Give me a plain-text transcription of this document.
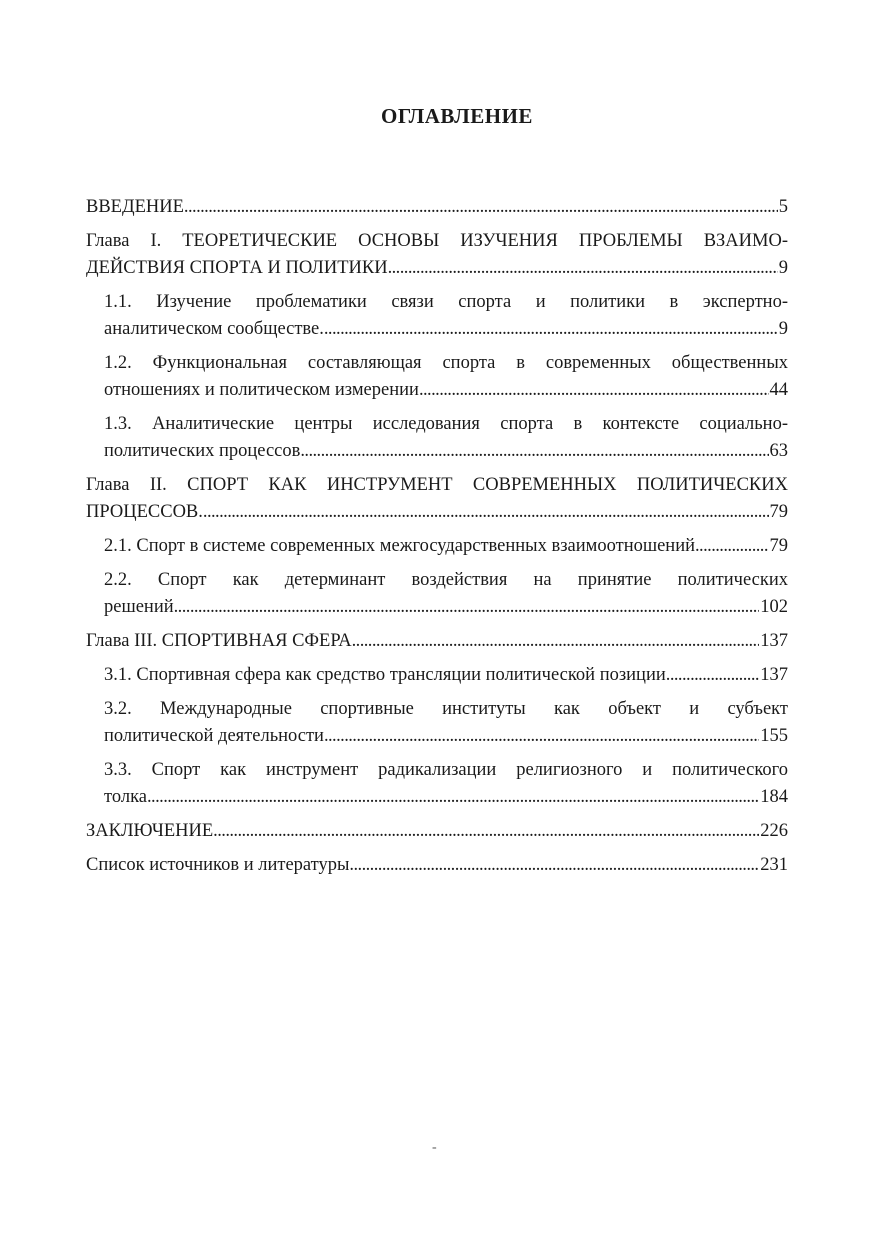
ОГЛАВЛЕНИЕ
ВВЕДЕНИЕ . . .	5
Глава I. ТЕОРЕТИЧЕСКИЕ ОСНОВЫ ИЗУЧЕНИЯ ПРОБЛЕМЫ ВЗАИМО-
ДЕЙСТВИЯ СПОРТА И ПОЛИТИКИ . . .	9
1.1. Изучение проблематики связи спорта и политики в экспертно-
аналитическом сообществе. . . .	9
1.2. Функциональная составляющая спорта в современных общественных
отношениях и политическом измерении . . .	44
1.3. Аналитические центры исследования спорта в контексте социально-
политических процессов . . .	63
Глава II. СПОРТ КАК ИНСТРУМЕНТ СОВРЕМЕННЫХ ПОЛИТИЧЕСКИХ
ПРОЦЕССОВ. . . .	79
2.1. Спорт в системе современных межгосударственных взаимоотношений . . .	79
2.2. Спорт как детерминант воздействия на принятие политических
решений . . .	102
Глава III. СПОРТИВНАЯ СФЕРА . . .	137
3.1. Спортивная сфера как средство трансляции политической позиции . . .	137
3.2. Международные спортивные институты как объект и субъект
политической деятельности . . .	155
3.3. Спорт как инструмент радикализации религиозного и политического
толка . . .	184
ЗАКЛЮЧЕНИЕ . . .	226
Список источников и литературы . . .	231
-
